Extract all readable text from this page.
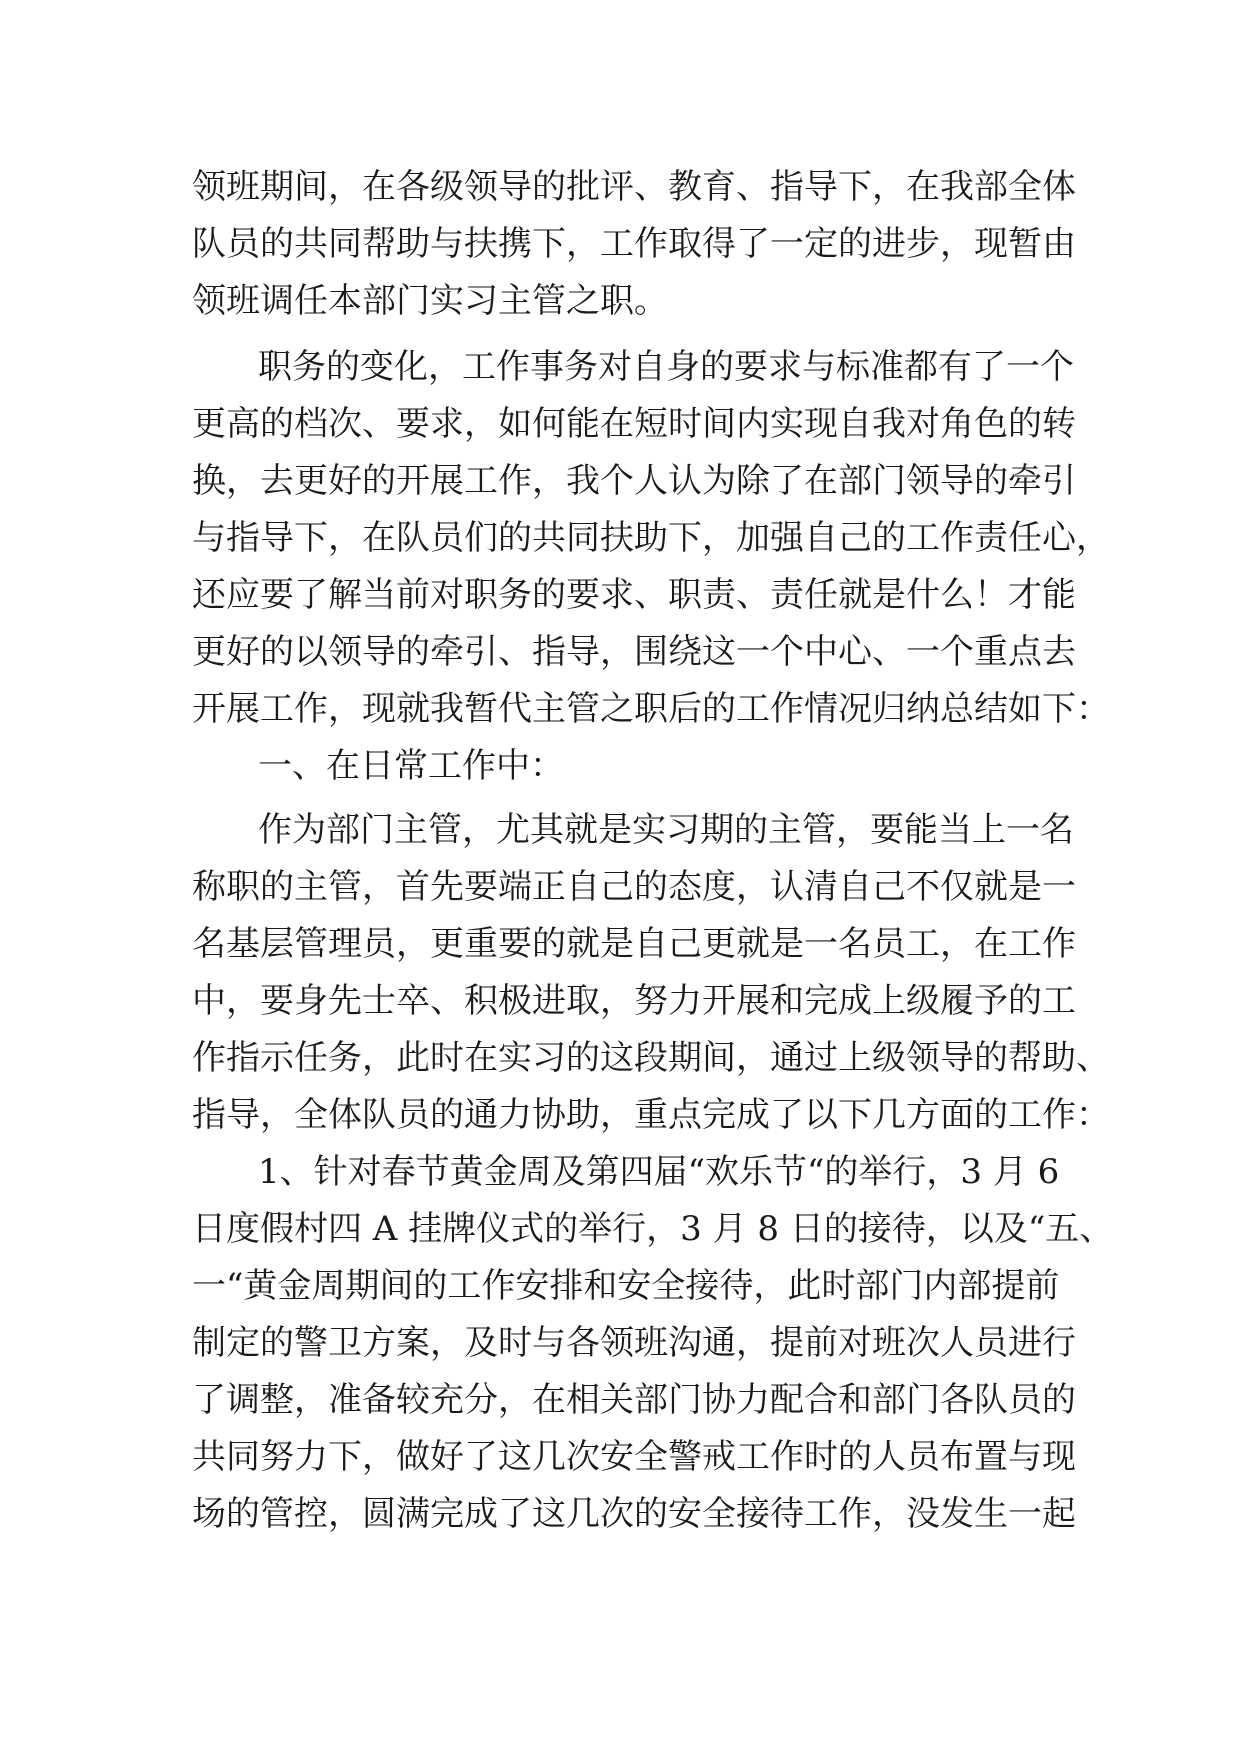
领班期间，在各级领导的批评、教育、指导下，在我部全体
队员的共同帮助与扶携下，工作取得了一定的进步，现暂由
领班调任本部门实习主管之职。
职务的变化，工作事务对自身的要求与标准都有了一个
更高的档次、要求，如何能在短时间内实现自我对角色的转
换，去更好的开展工作，我个人认为除了在部门领导的牵引
与指导下，在队员们的共同扶助下，加强自己的工作责任心，
还应要了解当前对职务的要求、职责、责任就是什么！才能
更好的以领导的牵引、指导，围绕这一个中心、一个重点去
开展工作，现就我暂代主管之职后的工作情况归纳总结如下：
一、在日常工作中：
作为部门主管，尤其就是实习期的主管，要能当上一名
称职的主管，首先要端正自己的态度，认清自己不仅就是一
名基层管理员，更重要的就是自己更就是一名员工，在工作
中，要身先士卒、积极进取，努力开展和完成上级履予的工
作指示任务，此时在实习的这段期间，通过上级领导的帮助、
指导，全体队员的通力协助，重点完成了以下几方面的工作：
1、针对春节黄金周及第四届“欢乐节“的举行，3 月 6
日度假村四 A 挂牌仪式的举行，3 月 8 日的接待，以及“五、
一“黄金周期间的工作安排和安全接待，此时部门内部提前
制定的警卫方案，及时与各领班沟通，提前对班次人员进行
了调整，准备较充分，在相关部门协力配合和部门各队员的
共同努力下，做好了这几次安全警戒工作时的人员布置与现
场的管控，圆满完成了这几次的安全接待工作，没发生一起
